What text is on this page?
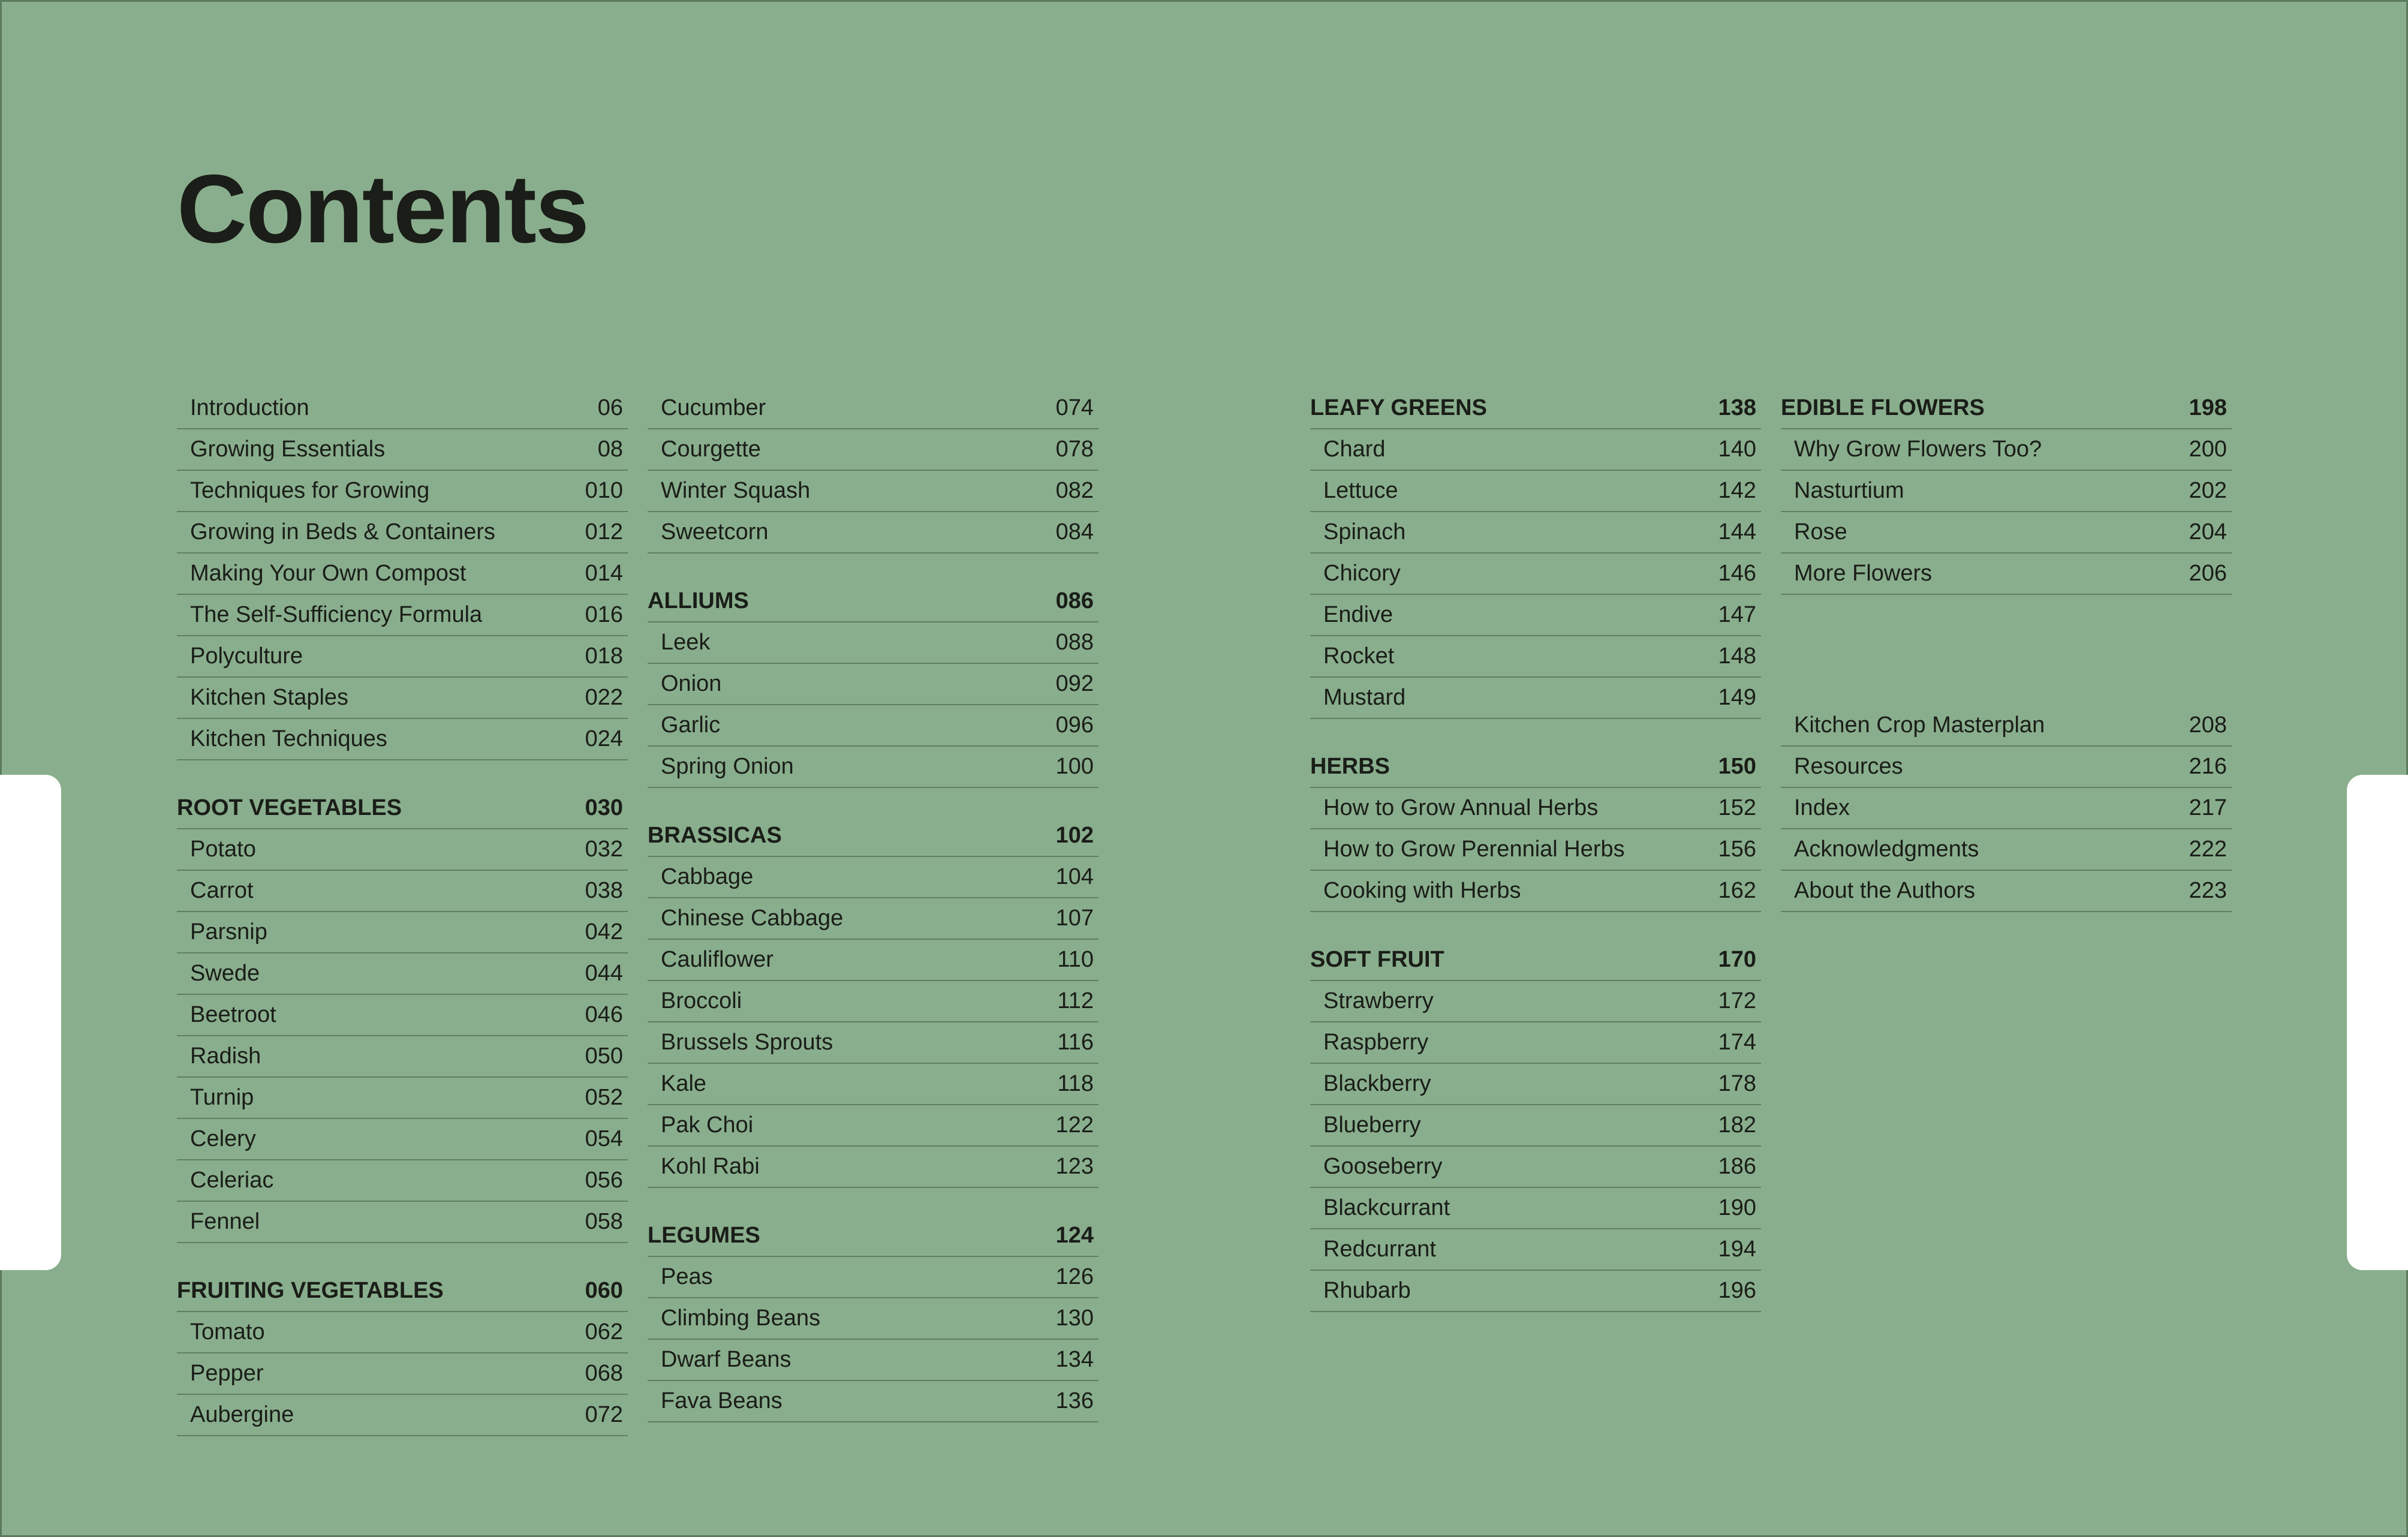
Contents
Introduction	06
Growing Essentials	08
Techniques for Growing	010
Growing in Beds & Containers	012
Making Your Own Compost	014
The Self-Sufficiency Formula	016
Polyculture	018
Kitchen Staples	022
Kitchen Techniques	024
ROOT VEGETABLES	030
Potato	032
Carrot	038
Parsnip	042
Swede	044
Beetroot	046
Radish	050
Turnip	052
Celery	054
Celeriac	056
Fennel	058
FRUITING VEGETABLES	060
Tomato	062
Pepper	068
Aubergine	072
Cucumber	074
Courgette	078
Winter Squash	082
Sweetcorn	084
ALLIUMS	086
Leek	088
Onion	092
Garlic	096
Spring Onion	100
BRASSICAS	102
Cabbage	104
Chinese Cabbage	107
Cauliflower	110
Broccoli	112
Brussels Sprouts	116
Kale	118
Pak Choi	122
Kohl Rabi	123
LEGUMES	124
Peas	126
Climbing Beans	130
Dwarf Beans	134
Fava Beans	136
LEAFY GREENS	138
Chard	140
Lettuce	142
Spinach	144
Chicory	146
Endive	147
Rocket	148
Mustard	149
HERBS	150
How to Grow Annual Herbs	152
How to Grow Perennial Herbs	156
Cooking with Herbs	162
SOFT FRUIT	170
Strawberry	172
Raspberry	174
Blackberry	178
Blueberry	182
Gooseberry	186
Blackcurrant	190
Redcurrant	194
Rhubarb	196
EDIBLE FLOWERS	198
Why Grow Flowers Too?	200
Nasturtium	202
Rose	204
More Flowers	206
Kitchen Crop Masterplan	208
Resources	216
Index	217
Acknowledgments	222
About the Authors	223
